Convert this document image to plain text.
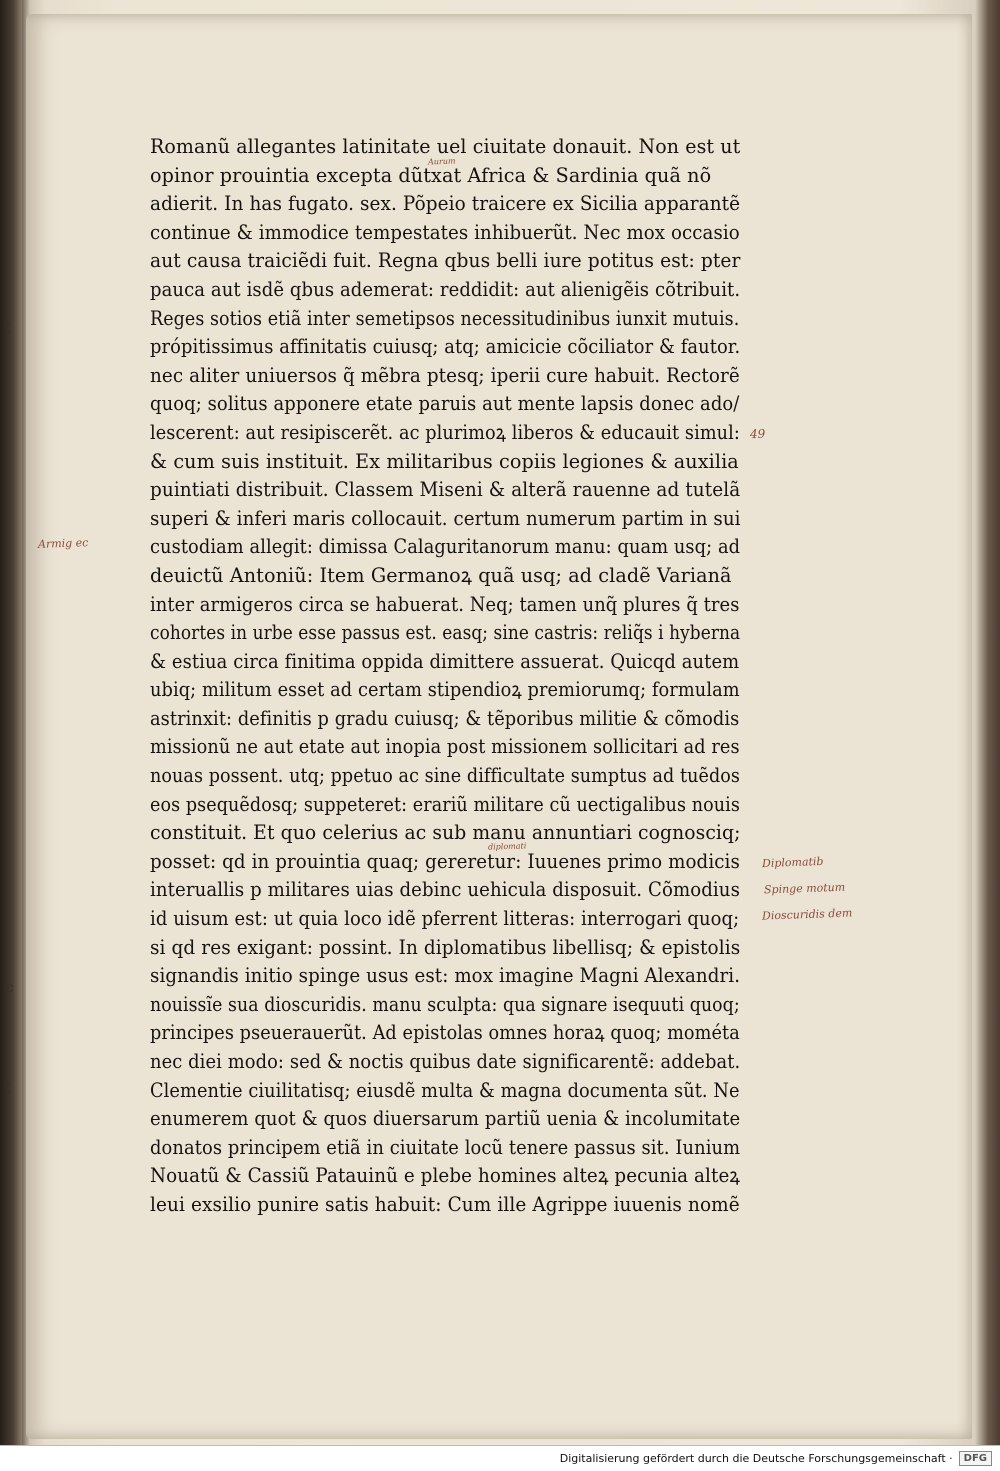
(
c
(
Romanũ allegantes latinitate uel ciuitate donauit. Non est ut
opinor prouintia excepta dũtxat Africa & Sardinia quã nõ
adierit. In has fugato. sex. Põpeio traicere ex Sicilia apparantẽ
continue & immodice tempestates inhibuerũt. Nec mox occasio
aut causa traiciẽdi fuit. Regna qbus belli iure potitus est: pter
pauca aut isdẽ qbus ademerat: reddidit: aut alienigẽis cõtribuit.
Reges sotios etiã inter semetipsos necessitudinibus iunxit mutuis.
própitissimus affinitatis cuiusq; atq; amicicie cõciliator & fautor.
nec aliter uniuersos q̃ mẽbra ptesq; iperii cure habuit. Rectorẽ
quoq; solitus apponere etate paruis aut mente lapsis donec ado/
lescerent: aut resipiscerẽt. ac plurimoꝝ liberos & educauit simul:
& cum suis instituit. Ex militaribus copiis legiones & auxilia
puintiati distribuit. Classem Miseni & alterã rauenne ad tutelã
superi & inferi maris collocauit. certum numerum partim in sui
custodiam allegit: dimissa Calaguritanorum manu: quam usq; ad
deuictũ Antoniũ: Item Germanoꝝ quã usq; ad cladẽ Varianã
inter armigeros circa se habuerat. Neq; tamen unq̃ plures q̃ tres
cohortes in urbe esse passus est. easq; sine castris: reliq̃s i hyberna
& estiua circa finitima oppida dimittere assuerat. Quicqd autem
ubiq; militum esset ad certam stipendioꝝ premiorumq; formulam
astrinxit: definitis p gradu cuiusq; & tẽporibus militie & cõmodis
missionũ ne aut etate aut inopia post missionem sollicitari ad res
nouas possent. utq; ppetuo ac sine difficultate sumptus ad tuẽdos
eos psequẽdosq; suppeteret: erariũ militare cũ uectigalibus nouis
constituit. Et quo celerius ac sub manu annuntiari cognosciq;
posset: qd in prouintia quaq; gereretur: Iuuenes primo modicis
interuallis p militares uias debinc uehicula disposuit. Cõmodius
id uisum est: ut quia loco idẽ pferrent litteras: interrogari quoq;
si qd res exigant: possint. In diplomatibus libellisq; & epistolis
signandis initio spinge usus est: mox imagine Magni Alexandri.
nouissĩe sua dioscuridis. manu sculpta: qua signare isequuti quoq;
principes pseuerauerũt. Ad epistolas omnes horaꝝ quoq; mométa
nec diei modo: sed & noctis quibus date significarentẽ: addebat.
Clementie ciuilitatisq; eiusdẽ multa & magna documenta sũt. Ne
enumerem quot & quos diuersarum partiũ uenia & incolumitate
donatos principem etiã in ciuitate locũ tenere passus sit. Iunium
Nouatũ & Cassiũ Patauinũ e plebe homines alteꝝ pecunia alteꝝ
leui exsilio punire satis habuit: Cum ille Agrippe iuuenis nomẽ
Aurum
diplomati
49
Armig ec
Diplomatib
Spinge motum
Dioscuridis dem
Digitalisierung gefördert durch die Deutsche Forschungsgemeinschaft ·	DFG
